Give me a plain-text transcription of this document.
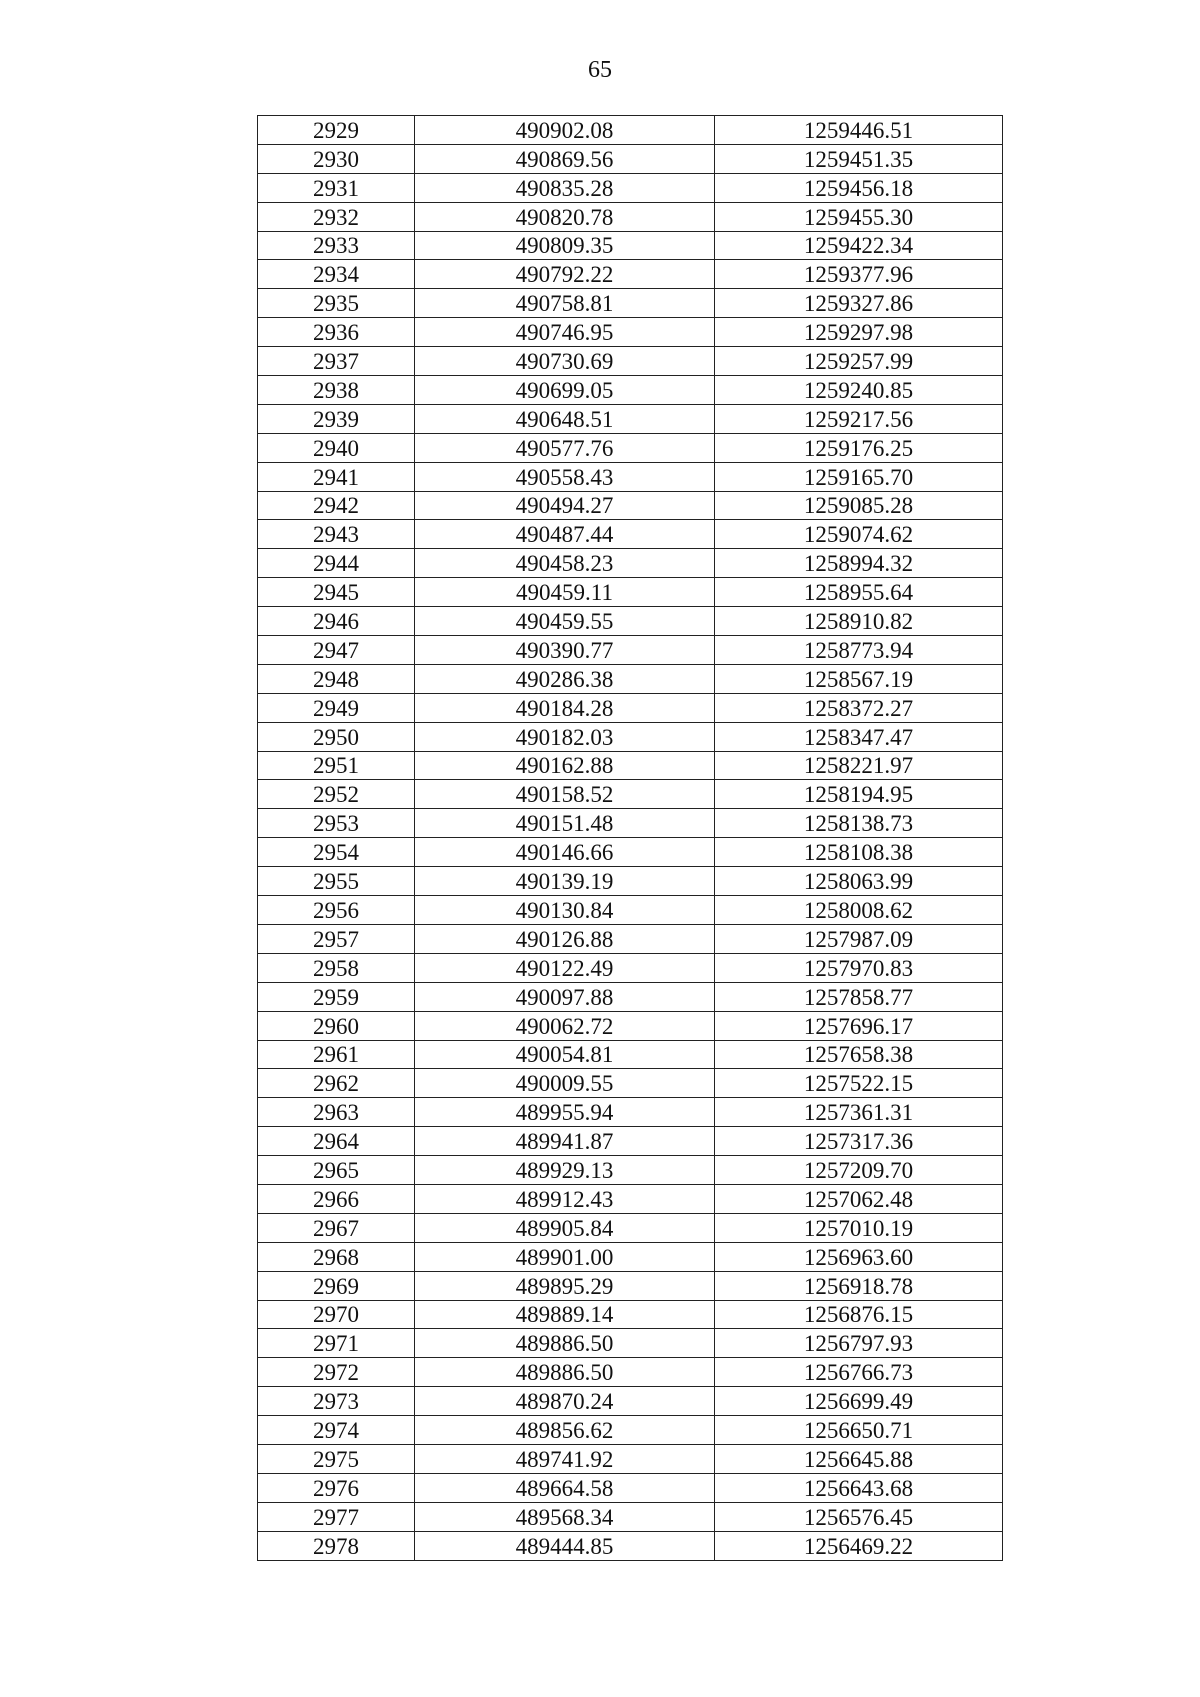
65
2929	490902.08	1259446.51
2930	490869.56	1259451.35
2931	490835.28	1259456.18
2932	490820.78	1259455.30
2933	490809.35	1259422.34
2934	490792.22	1259377.96
2935	490758.81	1259327.86
2936	490746.95	1259297.98
2937	490730.69	1259257.99
2938	490699.05	1259240.85
2939	490648.51	1259217.56
2940	490577.76	1259176.25
2941	490558.43	1259165.70
2942	490494.27	1259085.28
2943	490487.44	1259074.62
2944	490458.23	1258994.32
2945	490459.11	1258955.64
2946	490459.55	1258910.82
2947	490390.77	1258773.94
2948	490286.38	1258567.19
2949	490184.28	1258372.27
2950	490182.03	1258347.47
2951	490162.88	1258221.97
2952	490158.52	1258194.95
2953	490151.48	1258138.73
2954	490146.66	1258108.38
2955	490139.19	1258063.99
2956	490130.84	1258008.62
2957	490126.88	1257987.09
2958	490122.49	1257970.83
2959	490097.88	1257858.77
2960	490062.72	1257696.17
2961	490054.81	1257658.38
2962	490009.55	1257522.15
2963	489955.94	1257361.31
2964	489941.87	1257317.36
2965	489929.13	1257209.70
2966	489912.43	1257062.48
2967	489905.84	1257010.19
2968	489901.00	1256963.60
2969	489895.29	1256918.78
2970	489889.14	1256876.15
2971	489886.50	1256797.93
2972	489886.50	1256766.73
2973	489870.24	1256699.49
2974	489856.62	1256650.71
2975	489741.92	1256645.88
2976	489664.58	1256643.68
2977	489568.34	1256576.45
2978	489444.85	1256469.22
